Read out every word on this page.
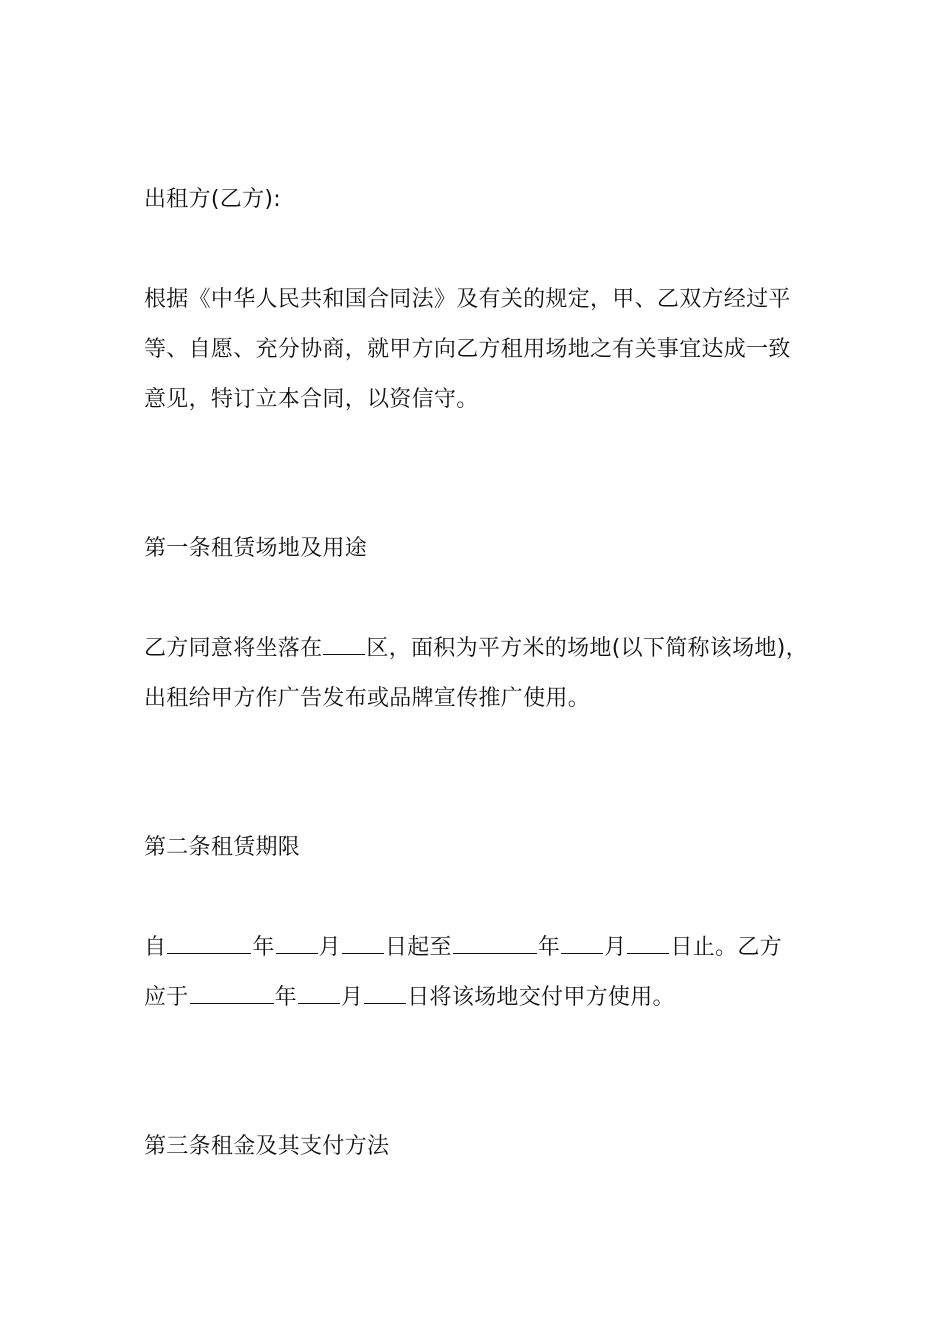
出租方(乙方):
根据《中华人民共和国合同法》及有关的规定，甲、乙双方经过平
等、自愿、充分协商，就甲方向乙方租用场地之有关事宜达成一致
意见，特订立本合同，以资信守。
第一条租赁场地及用途
乙方同意将坐落在 区，面积为平方米的场地(以下简称该场地)，
出租给甲方作广告发布或品牌宣传推广使用。
第二条租赁期限
自	年 月 日起至	年 月 日止。乙方
应于	年 月 日将该场地交付甲方使用。
第三条租金及其支付方法
